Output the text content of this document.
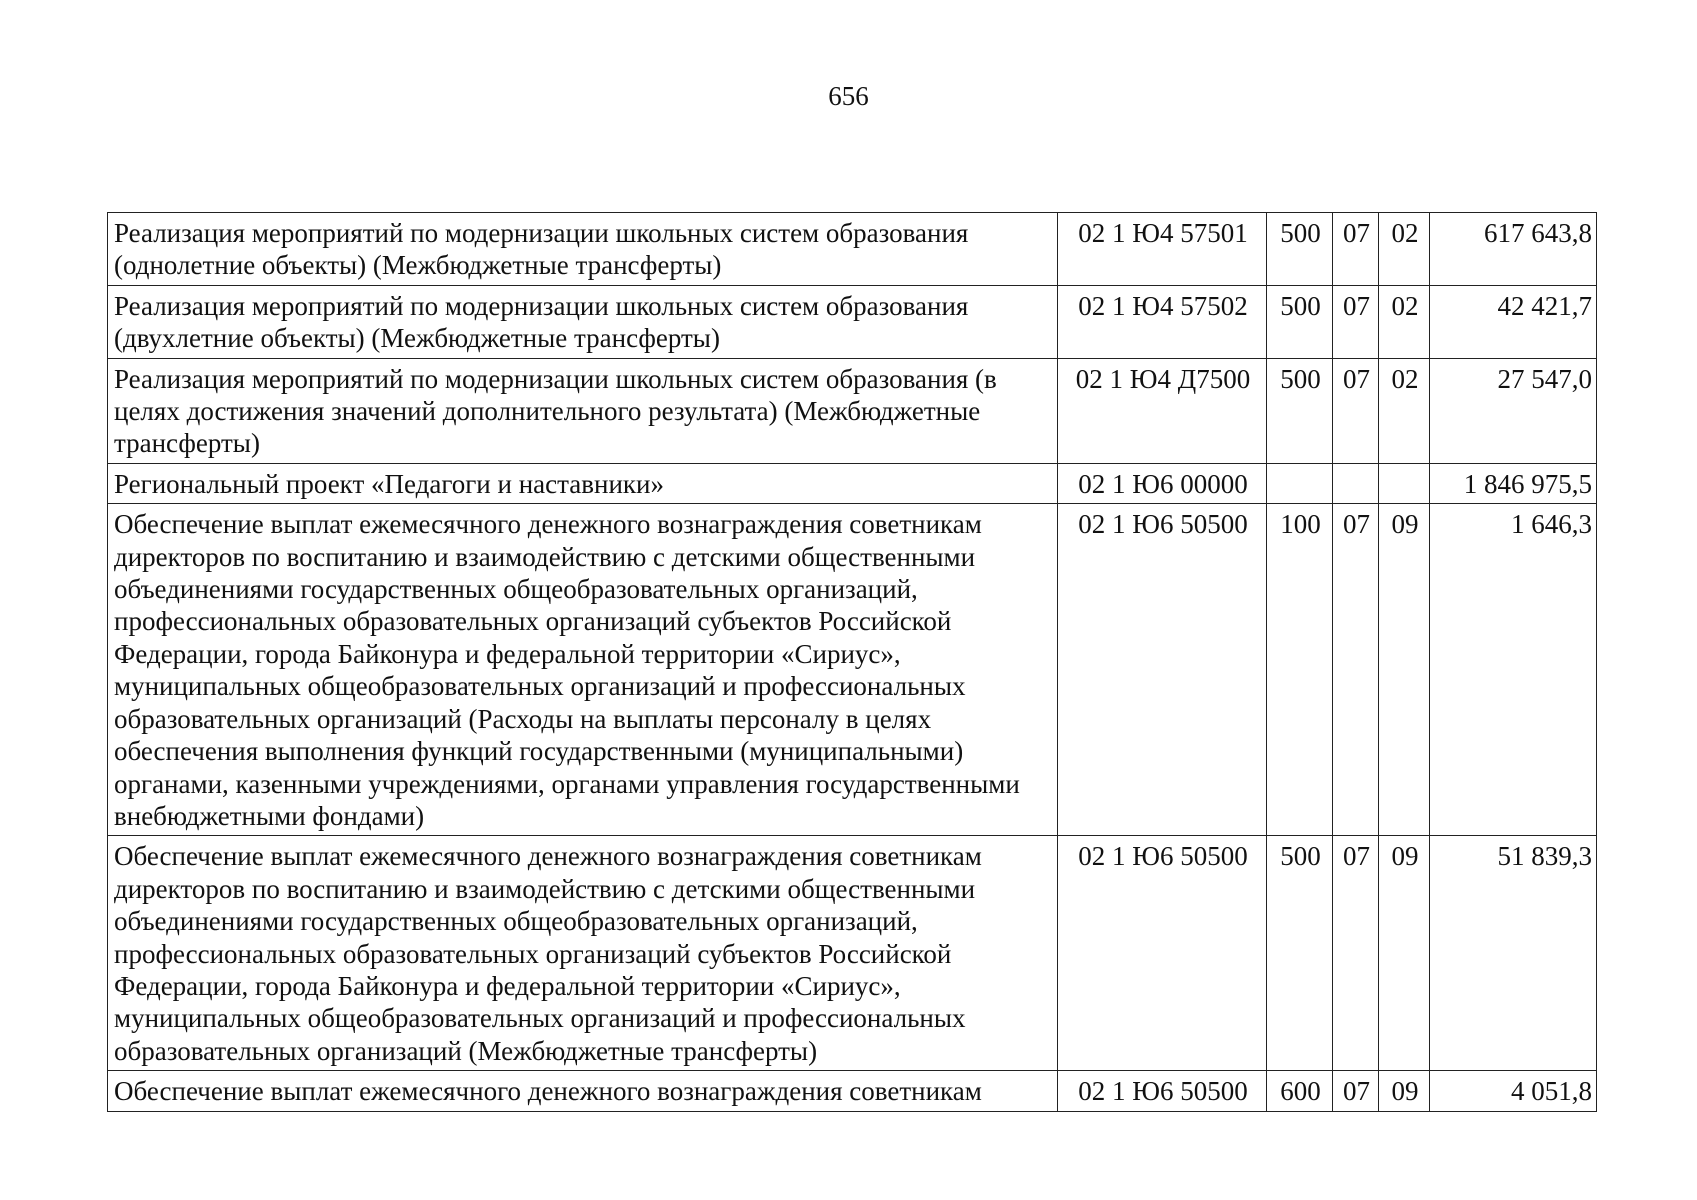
656
Реализация мероприятий по модернизации школьных систем образования (однолетние объекты) (Межбюджетные трансферты)	02 1 Ю4 57501	500	07	02	617 643,8
Реализация мероприятий по модернизации школьных систем образования (двухлетние объекты) (Межбюджетные трансферты)	02 1 Ю4 57502	500	07	02	42 421,7
Реализация мероприятий по модернизации школьных систем образования (в целях достижения значений дополнительного результата) (Межбюджетные трансферты)	02 1 Ю4 Д7500	500	07	02	27 547,0
Региональный проект «Педагоги и наставники»	02 1 Ю6 00000				1 846 975,5
Обеспечение выплат ежемесячного денежного вознаграждения советникам директоров по воспитанию и взаимодействию с детскими общественными объединениями государственных общеобразовательных организаций, профессиональных образовательных организаций субъектов Российской Федерации, города Байконура и федеральной территории «Сириус», муниципальных общеобразовательных организаций и профессиональных образовательных организаций (Расходы на выплаты персоналу в целях обеспечения выполнения функций государственными (муниципальными) органами, казенными учреждениями, органами управления государственными внебюджетными фондами)	02 1 Ю6 50500	100	07	09	1 646,3
Обеспечение выплат ежемесячного денежного вознаграждения советникам директоров по воспитанию и взаимодействию с детскими общественными объединениями государственных общеобразовательных организаций, профессиональных образовательных организаций субъектов Российской Федерации, города Байконура и федеральной территории «Сириус», муниципальных общеобразовательных организаций и профессиональных образовательных организаций (Межбюджетные трансферты)	02 1 Ю6 50500	500	07	09	51 839,3
Обеспечение выплат ежемесячного денежного вознаграждения советникам	02 1 Ю6 50500	600	07	09	4 051,8
